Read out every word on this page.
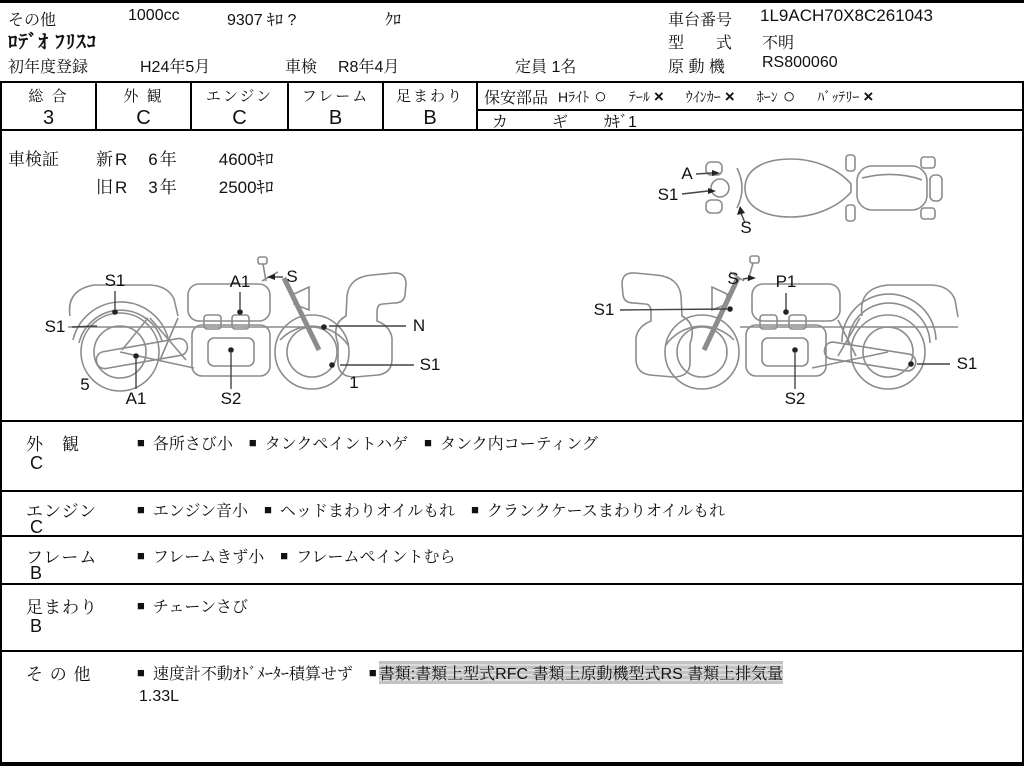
その他	1000cc	9307 ｷﾛ ?	ｸﾛ	車台番号 1L9ACH70X8C261043
ﾛﾃﾞｵ ﾌﾘｽｺ	型　　式 不明
初年度登録	H24年5月	車検 R8年4月	定員 1名	原 動 機 RS800060
総 合
3
外 観
C
エンジン
C
フレーム
B
足まわり
B
保安部品 Hﾗｲﾄ ○ ﾃｰﾙ × ｳｲﾝｶｰ × ﾎｰﾝ ○ ﾊﾞｯﾃﾘｰ ×
カ　ギ ｶｷﾞ1
車検証	新R　6年 4600ｷﾛ
旧R　3年 2500ｷﾛ
A
S1
S
S1	A1 S
S1	N
S1
5
A1	S2
1
S1
S P1
S2
S1
外　観
C
■ 各所さび小 ■ タンクペイントハゲ ■ タンク内コーティング
エンジン
C
■ エンジン音小 ■ ヘッドまわりオイルもれ ■ クランクケースまわりオイルもれ
フレーム
B
■ フレームきず小 ■ フレームペイントむら
足まわり
B
■ チェーンさび
そ の 他	■ 速度計不動ｵﾄﾞﾒｰﾀｰ積算せず ■ 書類:書類上型式RFC 書類上原動機型式RS 書類上排気量
1.33L
